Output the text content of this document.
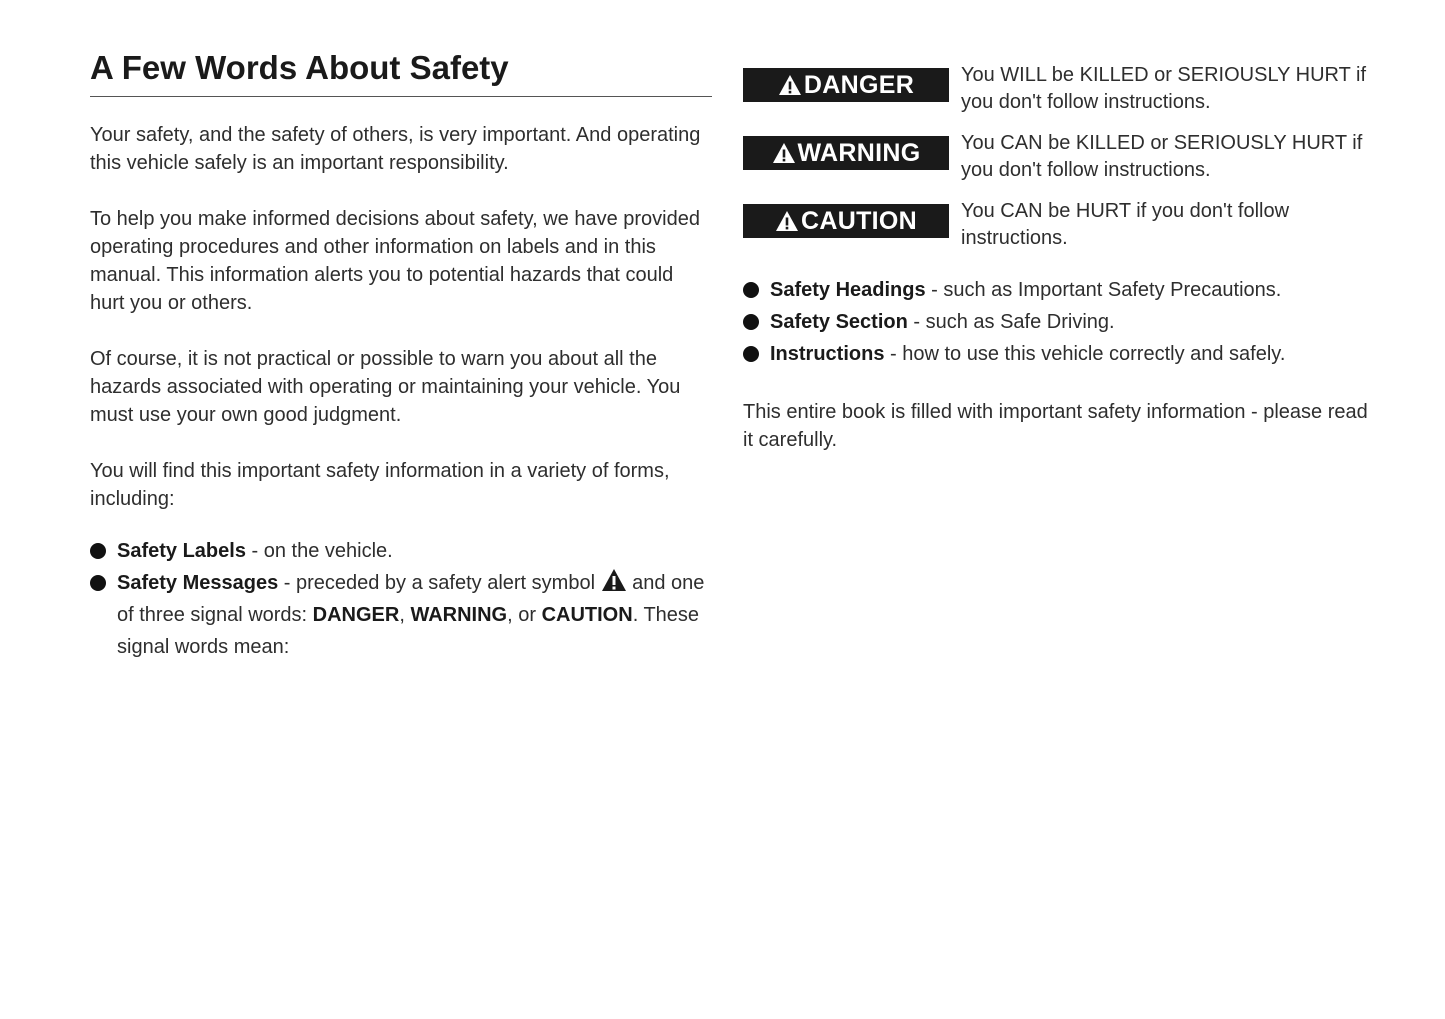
A Few Words About Safety

Your safety, and the safety of others, is very important. And operating this vehicle safely is an important responsibility.

To help you make informed decisions about safety, we have provided operating procedures and other information on labels and in this manual. This information alerts you to potential hazards that could hurt you or others.

Of course, it is not practical or possible to warn you about all the hazards associated with operating or maintaining your vehicle. You must use your own good judgment.

You will find this important safety information in a variety of forms, including:

Safety Labels - on the vehicle.
Safety Messages - preceded by a safety alert symbol  and one of three signal words: DANGER, WARNING, or CAUTION. These signal words mean:
DANGER You WILL be KILLED or SERIOUSLY HURT if you don't follow instructions.
WARNING You CAN be KILLED or SERIOUSLY HURT if you don't follow instructions.
CAUTION You CAN be HURT if you don't follow instructions.
Safety Headings - such as Important Safety Precautions.
Safety Section - such as Safe Driving.
Instructions - how to use this vehicle correctly and safely.

This entire book is filled with important safety information - please read it carefully.
